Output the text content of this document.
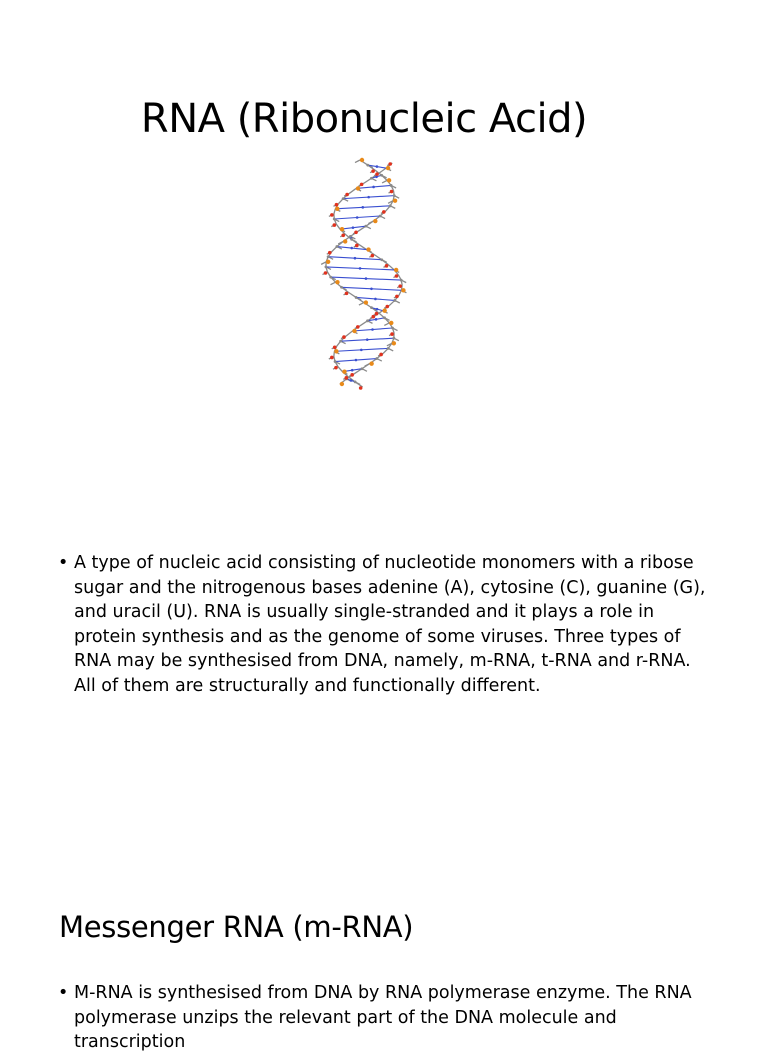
RNA (Ribonucleic Acid)
• A type of nucleic acid consisting of nucleotide monomers with a ribose sugar and the nitrogenous bases adenine (A), cytosine (C), guanine (G), and uracil (U). RNA is usually single-stranded and it plays a role in protein synthesis and as the genome of some viruses. Three types of RNA may be synthesised from DNA, namely, m-RNA, t-RNA and r-RNA. All of them are structurally and functionally different.
Messenger RNA (m-RNA)
• M-RNA is synthesised from DNA by RNA polymerase enzyme. The RNA polymerase unzips the relevant part of the DNA molecule and transcription
